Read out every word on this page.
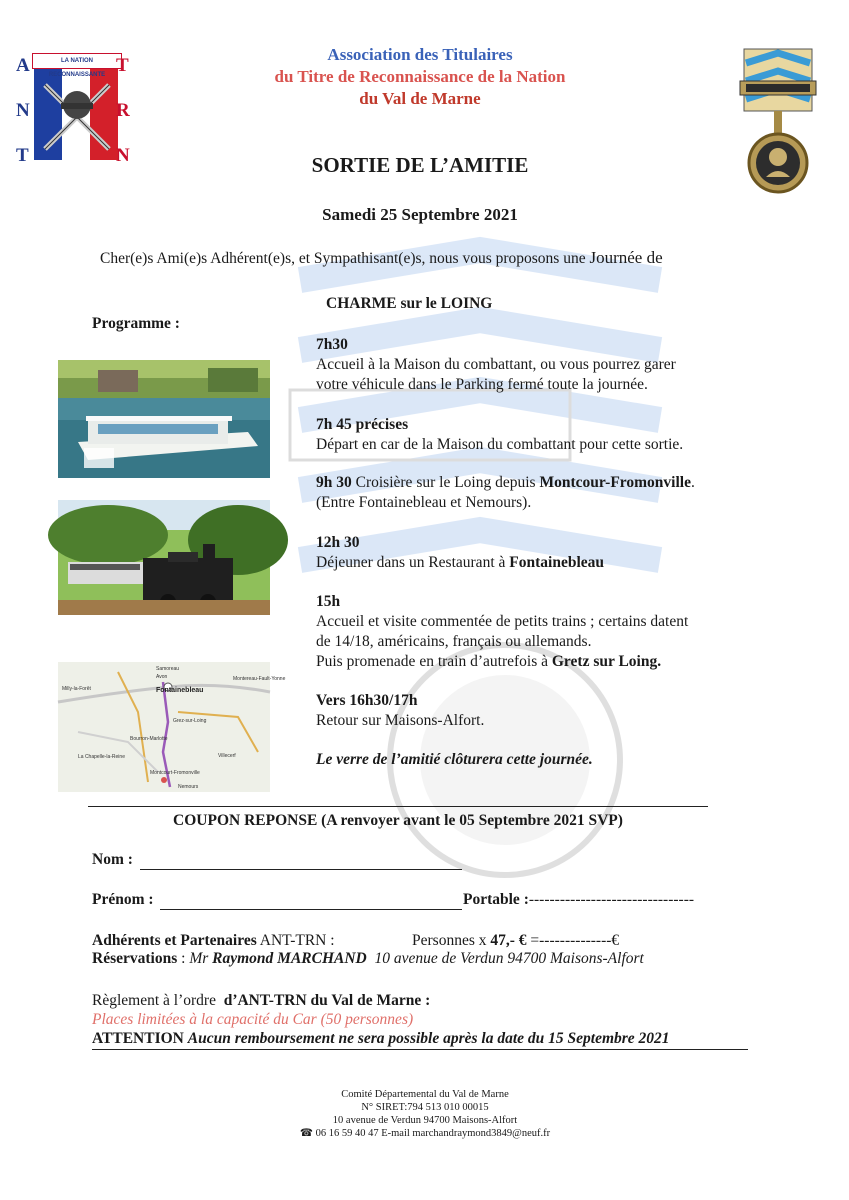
LA NATION RECONNAISSANTE
A
N
T
T
R
N
Association des Titulaires
du Titre de Reconnaissance de la Nation
du Val de Marne
SORTIE DE L’AMITIE
Samedi 25 Septembre 2021
Cher(e)s Ami(e)s Adhérent(e)s, et Sympathisant(e)s, nous vous proposons une Journée de
CHARME sur le LOING
Programme :
Samoreau
Avon
Fontainebleau
Montereau-Fault-Yonne
Milly-la-Forêt
Grez-sur-Loing
Bourron-Marlotte
La Chapelle-la-Reine	Villecerf
Montcourt-Fromonville
Nemours
7h30
Accueil à la Maison du combattant, ou vous pourrez garer
votre véhicule dans le Parking fermé toute la journée.
7h 45 précises
Départ en car de la Maison du combattant pour cette sortie.
9h 30 Croisière sur le Loing depuis Montcour-Fromonville.
(Entre Fontainebleau et Nemours).
12h 30
Déjeuner dans un Restaurant à Fontainebleau
15h
Accueil et visite commentée de petits trains ; certains datent
de 14/18, américains, français ou allemands.
Puis promenade en train d’autrefois à Gretz sur Loing.
Vers 16h30/17h
Retour sur Maisons-Alfort.
Le verre de l’amitié clôturera cette journée.
COUPON REPONSE (A renvoyer avant le 05 Septembre 2021 SVP)
Nom :
Prénom :	Portable :--------------------------------
Adhérents et Partenaires ANT-TRN :	Personnes x 47,- € =--------------€
Réservations : Mr Raymond MARCHAND 10 avenue de Verdun 94700 Maisons-Alfort
Règlement à l’ordre d’ANT-TRN du Val de Marne :
Places limitées à la capacité du Car (50 personnes)
ATTENTION Aucun remboursement ne sera possible après la date du 15 Septembre 2021
Comité Départemental du Val de Marne
N° SIRET:794 513 010 00015
10 avenue de Verdun 94700 Maisons-Alfort
☎ 06 16 59 40 47 E-mail marchandraymond3849@neuf.fr
